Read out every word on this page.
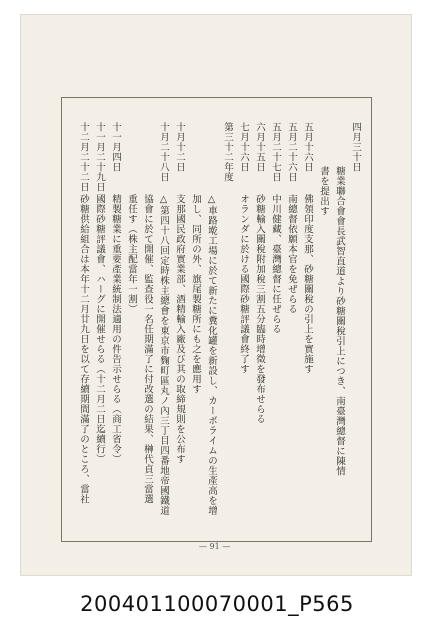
四月三十日
糖業聯合會會長武智直道より砂糖關稅引上につき、南臺灣總督に陳情
書を提出す
五月十六日
佛領印度支那、砂糖關稅の引上を實施す
五月二十六日
南總督依願本官を免ぜらる
五月二十七日
中川健藏、臺灣總督に任ぜらる
六月十五日
砂糖輸入關稅附加稅三割五分臨時增徵を發布せらる
七月十六日
オランダに於ける國際砂糖評議會終了す
第三十二年度
△車路墘工場に於て新たに糞化罐を新設し、カーボライムの生產高を增
加し、同所の外、旗尾製糖所にも之を應用す
十月十二日
支那國民政府實業部、酒精輸入廠及び其の取締規則を公布す
十月二十八日
△第四十八回定時株主總會を東京市麴町區丸ノ內三丁目四番地帝國鐵道
協會に於て開催、監查役一名任期滿了に付改選の結果、榊代貞三當選
重任す（株主配當年一割）
十一月四日
精製糖業に重要產業統制法適用の件告示せらる（商工省令）
十一月二十九日
國際砂糖評議會、ハーグに開催せらる（十二月二日迄續行）
十二月二十二日
砂糖供給組合は本年十二月廿九日を以て存續期間滿了のところ、當社
— 91 —
200401100070001_P565
